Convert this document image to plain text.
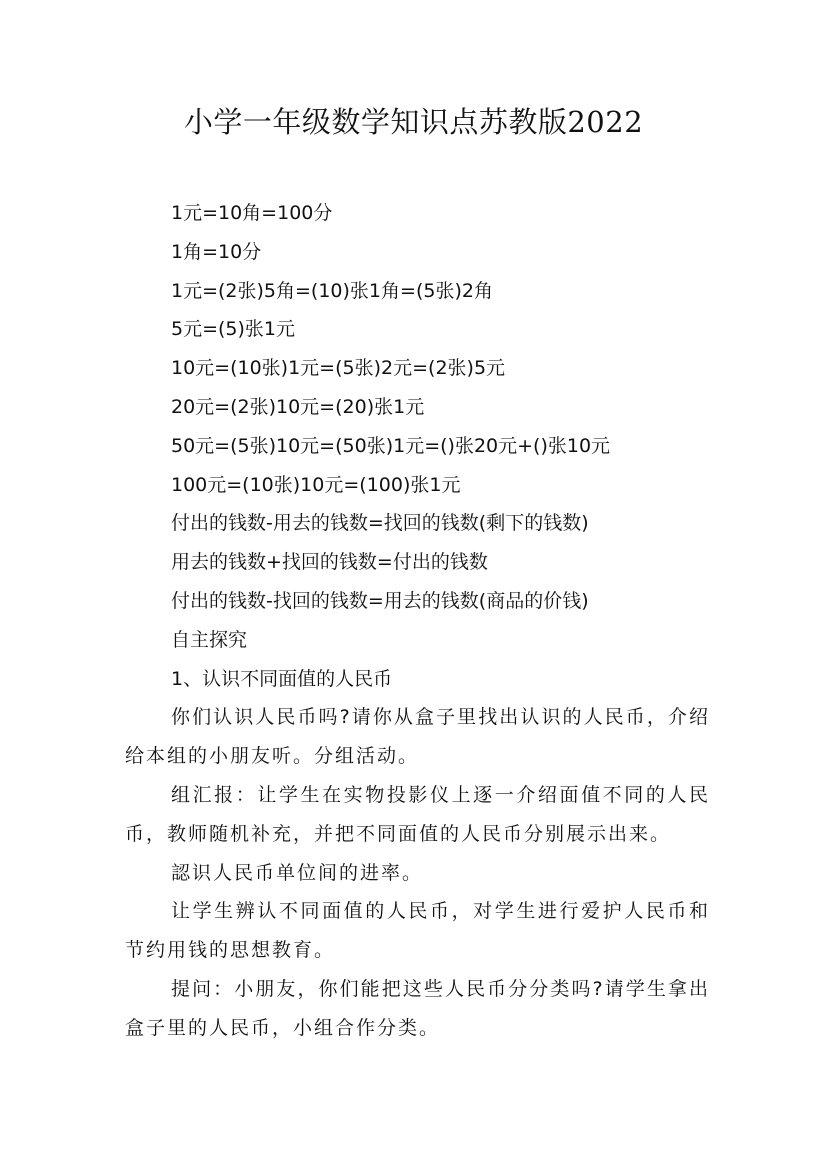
小学一年级数学知识点苏教版2022

1元=10角=100分

1角=10分

1元=(2张)5角=(10)张1角=(5张)2角

5元=(5)张1元

10元=(10张)1元=(5张)2元=(2张)5元

20元=(2张)10元=(20)张1元

50元=(5张)10元=(50张)1元=()张20元+()张10元

100元=(10张)10元=(100)张1元

付出的钱数-用去的钱数=找回的钱数(剩下的钱数)

用去的钱数+找回的钱数=付出的钱数

付出的钱数-找回的钱数=用去的钱数(商品的价钱)

自主探究

1、认识不同面值的人民币

你们认识人民币吗?请你从盒子里找出认识的人民币，介绍给本组的小朋友听。分组活动。

组汇报：让学生在实物投影仪上逐一介绍面值不同的人民币，教师随机补充，并把不同面值的人民币分别展示出来。

認识人民币单位间的进率。

让学生辨认不同面值的人民币，对学生进行爱护人民币和节约用钱的思想教育。

提问：小朋友，你们能把这些人民币分分类吗?请学生拿出盒子里的人民币，小组合作分类。
